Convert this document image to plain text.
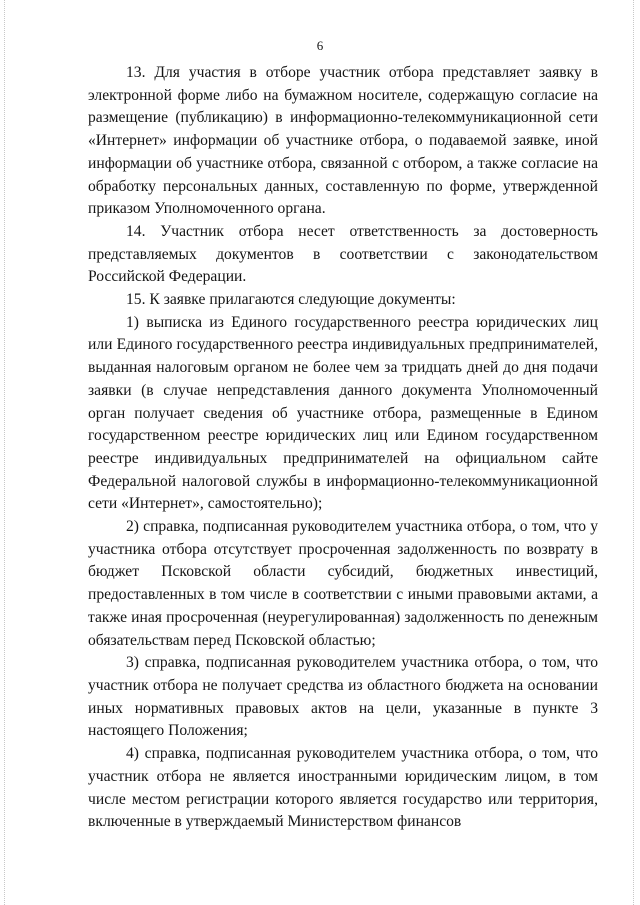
6

13. Для участия в отборе участник отбора представляет заявку в электронной форме либо на бумажном носителе, содержащую согласие на размещение (публикацию) в информационно-телекоммуникационной сети «Интернет» информации об участнике отбора, о подаваемой заявке, иной информации об участнике отбора, связанной с отбором, а также согласие на обработку персональных данных, составленную по форме, утвержденной приказом Уполномоченного органа.

14. Участник отбора несет ответственность за достоверность представляемых документов в соответствии с законодательством Российской Федерации.

15. К заявке прилагаются следующие документы:

1) выписка из Единого государственного реестра юридических лиц или Единого государственного реестра индивидуальных предпринимателей, выданная налоговым органом не более чем за тридцать дней до дня подачи заявки (в случае непредставления данного документа Уполномоченный орган получает сведения об участнике отбора, размещенные в Едином государственном реестре юридических лиц или Едином государственном реестре индивидуальных предпринимателей на официальном сайте Федеральной налоговой службы в информационно-телекоммуникационной сети «Интернет», самостоятельно);

2) справка, подписанная руководителем участника отбора, о том, что у участника отбора отсутствует просроченная задолженность по возврату в бюджет Псковской области субсидий, бюджетных инвестиций, предоставленных в том числе в соответствии с иными правовыми актами, а также иная просроченная (неурегулированная) задолженность по денежным обязательствам перед Псковской областью;

3) справка, подписанная руководителем участника отбора, о том, что участник отбора не получает средства из областного бюджета на основании иных нормативных правовых актов на цели, указанные в пункте 3 настоящего Положения;

4) справка, подписанная руководителем участника отбора, о том, что участник отбора не является иностранными юридическим лицом, в том числе местом регистрации которого является государство или территория, включенные в утверждаемый Министерством финансов
